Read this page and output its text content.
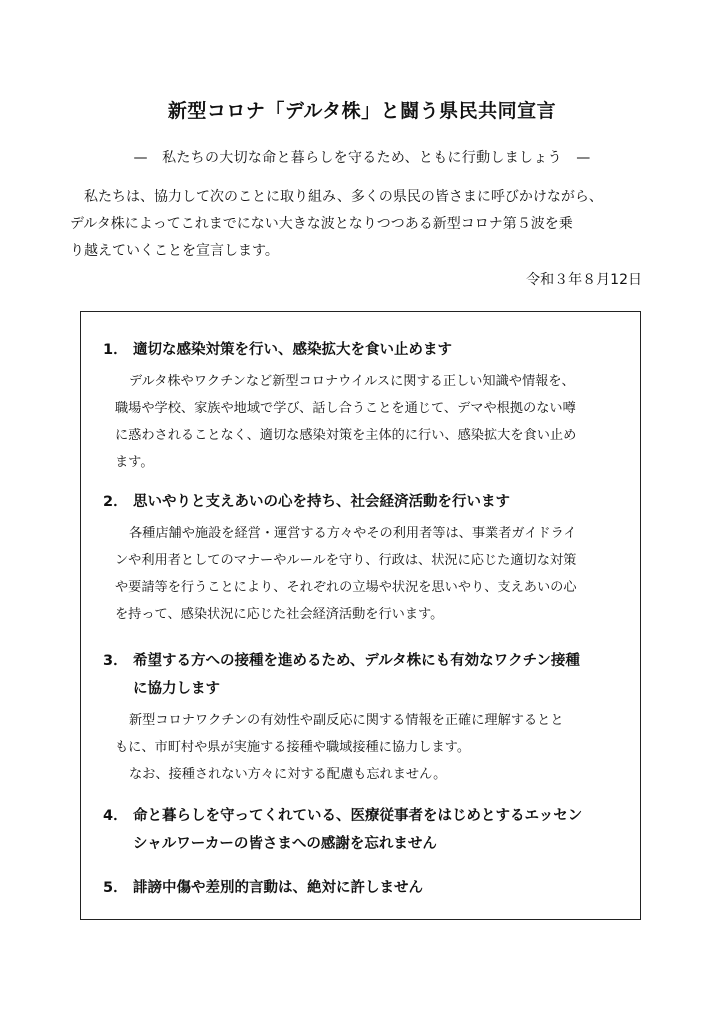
新型コロナ「デルタ株」と闘う県民共同宣言
—　私たちの大切な命と暮らしを守るため、ともに行動しましょう　—

私たちは、協力して次のことに取り組み、多くの県民の皆さまに呼びかけながら、

デルタ株によってこれまでにない大きな波となりつつある新型コロナ第５波を乗

り越えていくことを宣言します。

令和３年８月12日
1． 適切な感染対策を行い、感染拡大を食い止めます

デルタ株やワクチンなど新型コロナウイルスに関する正しい知識や情報を、

職場や学校、家族や地域で学び、話し合うことを通じて、デマや根拠のない噂

に惑わされることなく、適切な感染対策を主体的に行い、感染拡大を食い止め

ます。

2． 思いやりと支えあいの心を持ち、社会経済活動を行います

各種店舗や施設を経営・運営する方々やその利用者等は、事業者ガイドライ

ンや利用者としてのマナーやルールを守り、行政は、状況に応じた適切な対策

や要請等を行うことにより、それぞれの立場や状況を思いやり、支えあいの心

を持って、感染状況に応じた社会経済活動を行います。

3． 希望する方への接種を進めるため、デルタ株にも有効なワクチン接種
に協力します

新型コロナワクチンの有効性や副反応に関する情報を正確に理解するとと

もに、市町村や県が実施する接種や職域接種に協力します。

なお、接種されない方々に対する配慮も忘れません。

4． 命と暮らしを守ってくれている、医療従事者をはじめとするエッセン
シャルワーカーの皆さまへの感謝を忘れません
5． 誹謗中傷や差別的言動は、絶対に許しません
